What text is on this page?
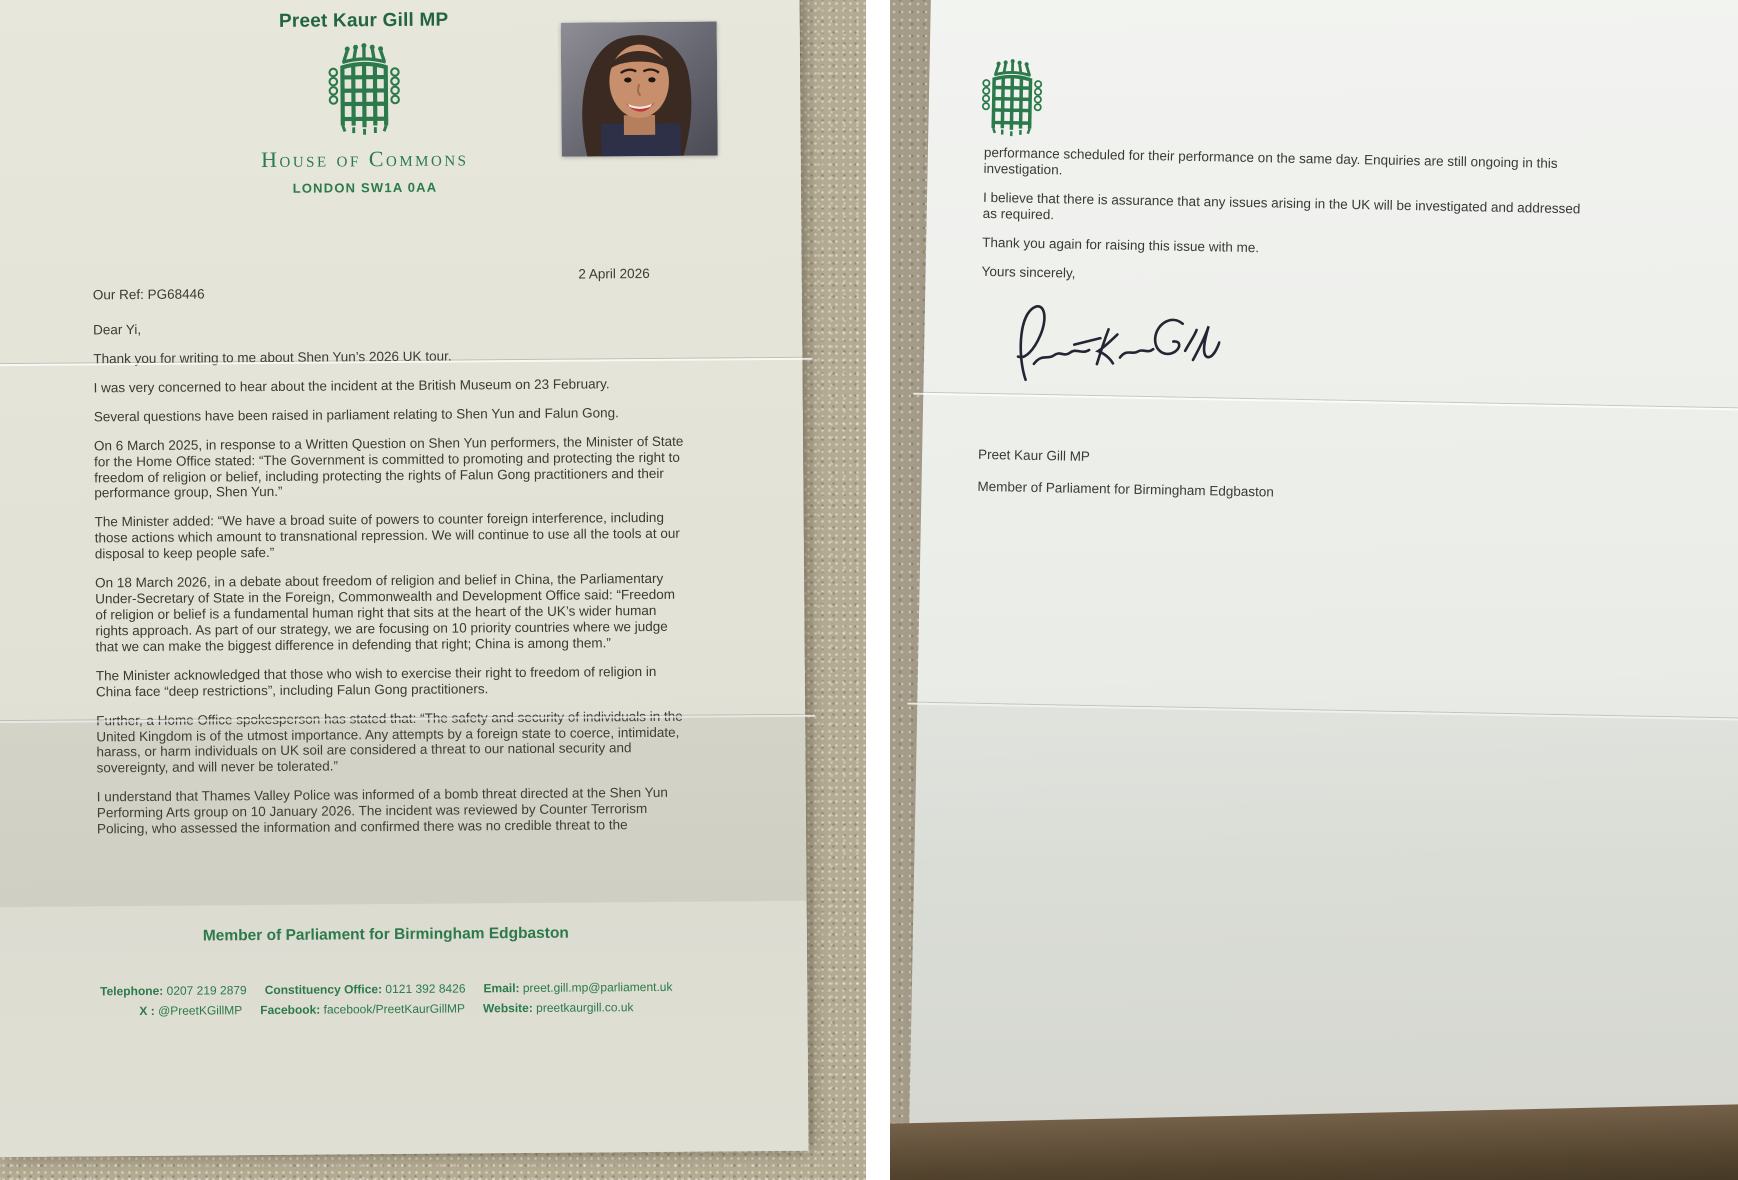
Preet Kaur Gill MP
House of Commons
LONDON SW1A 0AA
2 April 2026
Our Ref: PG68446

Dear Yi,

Thank you for writing to me about Shen Yun’s 2026 UK tour.

I was very concerned to hear about the incident at the British Museum on 23 February.

Several questions have been raised in parliament relating to Shen Yun and Falun Gong.

On 6 March 2025, in response to a Written Question on Shen Yun performers, the Minister of State for the Home Office stated: “The Government is committed to promoting and protecting the right to freedom of religion or belief, including protecting the rights of Falun Gong practitioners and their performance group, Shen Yun.”

The Minister added: “We have a broad suite of powers to counter foreign interference, including those actions which amount to transnational repression. We will continue to use all the tools at our disposal to keep people safe.”

On 18 March 2026, in a debate about freedom of religion and belief in China, the Parliamentary Under-Secretary of State in the Foreign, Commonwealth and Development Office said: “Freedom of religion or belief is a fundamental human right that sits at the heart of the UK’s wider human rights approach. As part of our strategy, we are focusing on 10 priority countries where we judge that we can make the biggest difference in defending that right; China is among them.”

The Minister acknowledged that those who wish to exercise their right to freedom of religion in China face “deep restrictions”, including Falun Gong practitioners.

Further, a Home Office spokesperson has stated that: “The safety and security of individuals in the United Kingdom is of the utmost importance. Any attempts by a foreign state to coerce, intimidate, harass, or harm individuals on UK soil are considered a threat to our national security and sovereignty, and will never be tolerated.”

I understand that Thames Valley Police was informed of a bomb threat directed at the Shen Yun Performing Arts group on 10 January 2026. The incident was reviewed by Counter Terrorism Policing, who assessed the information and confirmed there was no credible threat to the

Member of Parliament for Birmingham Edgbaston
Telephone: 0207 219 2879 Constituency Office: 0121 392 8426 Email: preet.gill.mp@parliament.uk
X : @PreetKGillMP Facebook: facebook/PreetKaurGillMP Website: preetkaurgill.co.uk

performance scheduled for their performance on the same day. Enquiries are still ongoing in this investigation.

I believe that there is assurance that any issues arising in the UK will be investigated and addressed as required.

Thank you again for raising this issue with me.

Yours sincerely,

Preet Kaur Gill MP
Member of Parliament for Birmingham Edgbaston
